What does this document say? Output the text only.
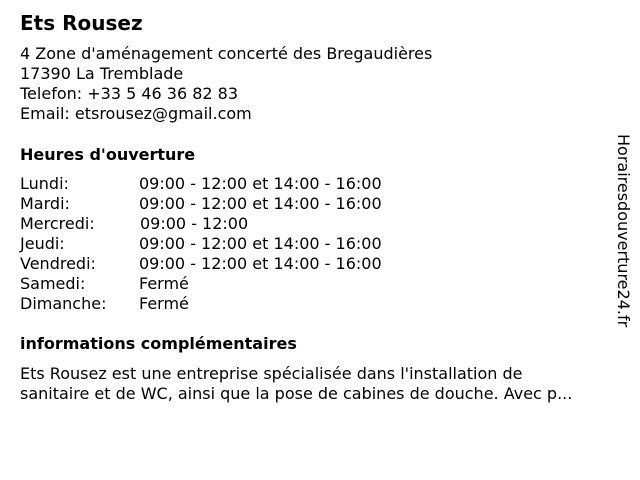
Ets Rousez
4 Zone d'aménagement concerté des Bregaudières
17390 La Tremblade
Telefon: +33 5 46 36 82 83
Email: etsrousez@gmail.com
Heures d'ouverture
Lundi:	09:00 - 12:00 et 14:00 - 16:00
Mardi:	09:00 - 12:00 et 14:00 - 16:00
Mercredi:	09:00 - 12:00
Jeudi:	09:00 - 12:00 et 14:00 - 16:00
Vendredi:	09:00 - 12:00 et 14:00 - 16:00
Samedi:	Fermé
Dimanche: Fermé
informations complémentaires
Ets Rousez est une entreprise spécialisée dans l'installation de
sanitaire et de WC, ainsi que la pose de cabines de douche. Avec p...
Horairesdouverture24.fr
